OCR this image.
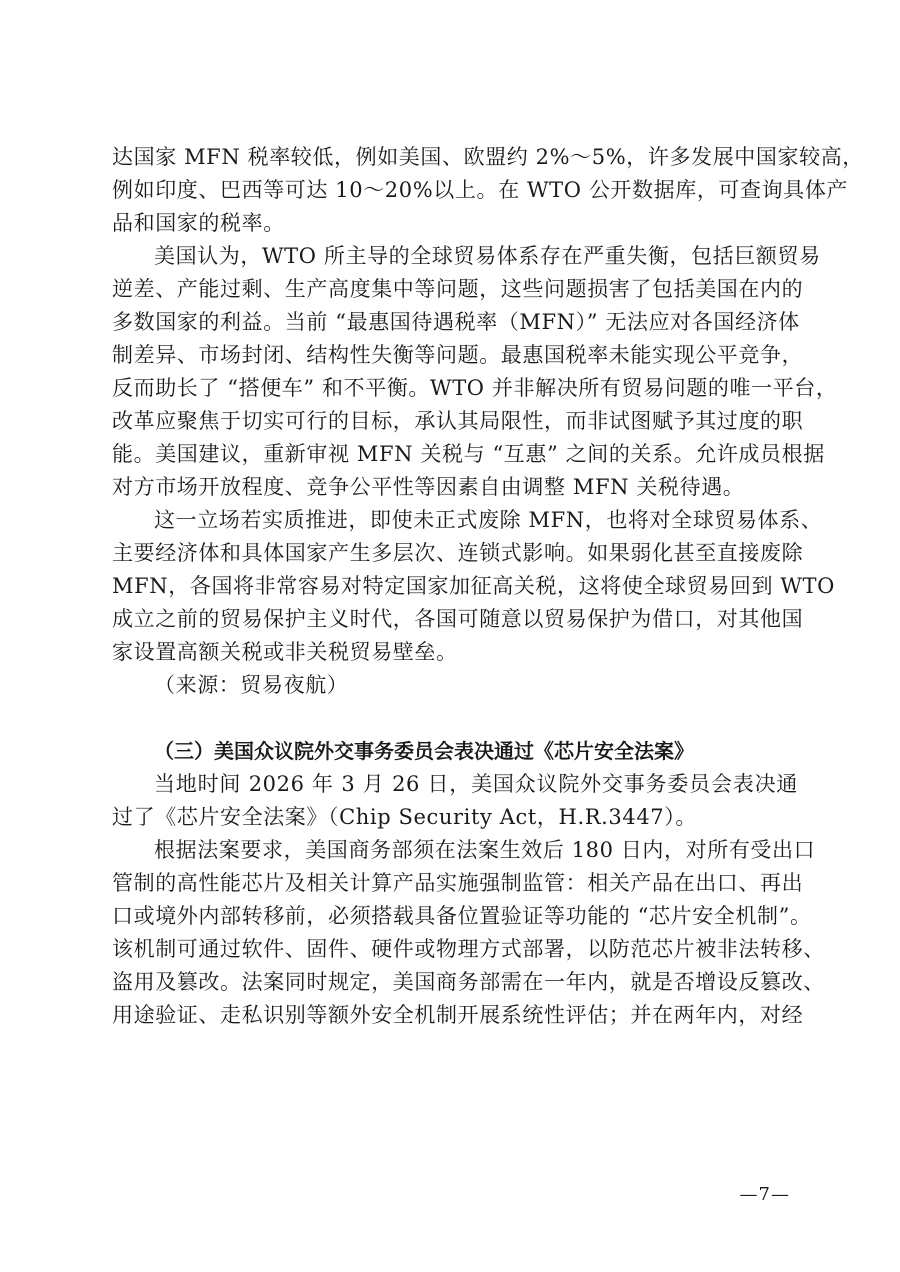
达国家 MFN 税率较低，例如美国、欧盟约 2%～5%，许多发展中国家较高，
例如印度、巴西等可达 10～20%以上。在 WTO 公开数据库，可查询具体产
品和国家的税率。
美国认为，WTO 所主导的全球贸易体系存在严重失衡，包括巨额贸易
逆差、产能过剩、生产高度集中等问题，这些问题损害了包括美国在内的
多数国家的利益。当前 “最惠国待遇税率（MFN）” 无法应对各国经济体
制差异、市场封闭、结构性失衡等问题。最惠国税率未能实现公平竞争，
反而助长了 “搭便车” 和不平衡。WTO 并非解决所有贸易问题的唯一平台，
改革应聚焦于切实可行的目标，承认其局限性，而非试图赋予其过度的职
能。美国建议，重新审视 MFN 关税与 “互惠” 之间的关系。允许成员根据
对方市场开放程度、竞争公平性等因素自由调整 MFN 关税待遇。
这一立场若实质推进，即使未正式废除 MFN，也将对全球贸易体系、
主要经济体和具体国家产生多层次、连锁式影响。如果弱化甚至直接废除
MFN，各国将非常容易对特定国家加征高关税，这将使全球贸易回到 WTO
成立之前的贸易保护主义时代，各国可随意以贸易保护为借口，对其他国
家设置高额关税或非关税贸易壁垒。
（来源：贸易夜航）
（三）美国众议院外交事务委员会表决通过《芯片安全法案》
当地时间 2026 年 3 月 26 日，美国众议院外交事务委员会表决通
过了《芯片安全法案》（Chip Security Act，H.R.3447）。
根据法案要求，美国商务部须在法案生效后 180 日内，对所有受出口
管制的高性能芯片及相关计算产品实施强制监管：相关产品在出口、再出
口或境外内部转移前，必须搭载具备位置验证等功能的 “芯片安全机制”。
该机制可通过软件、固件、硬件或物理方式部署，以防范芯片被非法转移、
盗用及篡改。法案同时规定，美国商务部需在一年内，就是否增设反篡改、
用途验证、走私识别等额外安全机制开展系统性评估；并在两年内，对经
—7—
